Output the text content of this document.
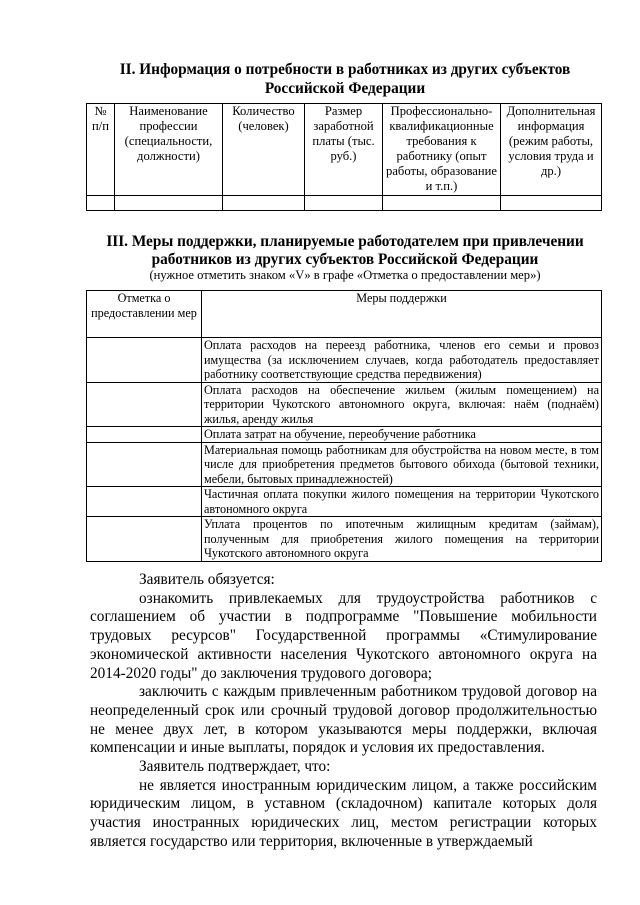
II. Информация о потребности в работниках из других субъектов
Российской Федерации
№ п/п	Наименование профессии (специальности, должности)	Количество (человек)	Размер заработной платы (тыс. руб.)	Профессионально-квалификационные требования к работнику (опыт работы, образование и т.п.)	Дополнительная информация (режим работы, условия труда и др.)

III. Меры поддержки, планируемые работодателем при привлечении
работников из других субъектов Российской Федерации
(нужное отметить знаком «V» в графе «Отметка о предоставлении мер»)
Отметка о предоставлении мер	Меры поддержки
	Оплата расходов на переезд работника, членов его семьи и провоз имущества (за исключением случаев, когда работодатель предоставляет работнику соответствующие средства передвижения)
	Оплата расходов на обеспечение жильем (жилым помещением) на территории Чукотского автономного округа, включая: наём (поднаём) жилья, аренду жилья
	Оплата затрат на обучение, переобучение работника
	Материальная помощь работникам для обустройства на новом месте, в том числе для приобретения предметов бытового обихода (бытовой техники, мебели, бытовых принадлежностей)
	Частичная оплата покупки жилого помещения на территории Чукотского автономного округа
	Уплата процентов по ипотечным жилищным кредитам (займам), полученным для приобретения жилого помещения на территории Чукотского автономного округа

Заявитель обязуется:

ознакомить привлекаемых для трудоустройства работников с соглашением об участии в подпрограмме "Повышение мобильности трудовых ресурсов" Государственной программы «Стимулирование экономической активности населения Чукотского автономного округа на 2014-2020 годы" до заключения трудового договора;

заключить с каждым привлеченным работником трудовой договор на неопределенный срок или срочный трудовой договор продолжительностью не менее двух лет, в котором указываются меры поддержки, включая компенсации и иные выплаты, порядок и условия их предоставления.

Заявитель подтверждает, что:

не является иностранным юридическим лицом, а также российским юридическим лицом, в уставном (складочном) капитале которых доля участия иностранных юридических лиц, местом регистрации которых является государство или территория, включенные в утверждаемый
